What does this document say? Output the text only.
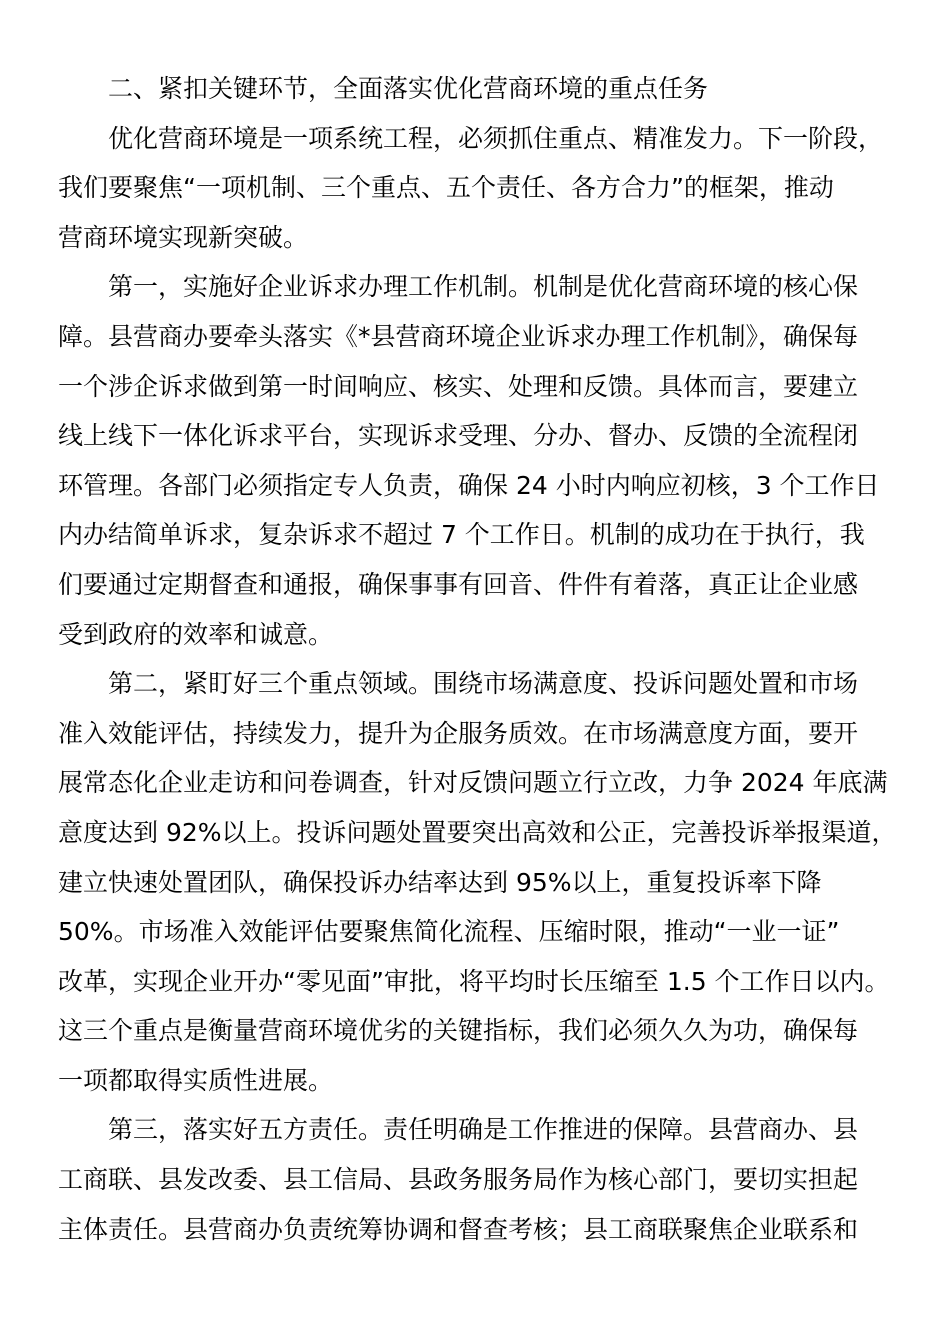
二、紧扣关键环节，全面落实优化营商环境的重点任务
优化营商环境是一项系统工程，必须抓住重点、精准发力。下一阶段，
我们要聚焦“一项机制、三个重点、五个责任、各方合力”的框架，推动
营商环境实现新突破。
第一，实施好企业诉求办理工作机制。机制是优化营商环境的核心保
障。县营商办要牵头落实《*县营商环境企业诉求办理工作机制》，确保每
一个涉企诉求做到第一时间响应、核实、处理和反馈。具体而言，要建立
线上线下一体化诉求平台，实现诉求受理、分办、督办、反馈的全流程闭
环管理。各部门必须指定专人负责，确保 24 小时内响应初核，3 个工作日
内办结简单诉求，复杂诉求不超过 7 个工作日。机制的成功在于执行，我
们要通过定期督查和通报，确保事事有回音、件件有着落，真正让企业感
受到政府的效率和诚意。
第二，紧盯好三个重点领域。围绕市场满意度、投诉问题处置和市场
准入效能评估，持续发力，提升为企服务质效。在市场满意度方面，要开
展常态化企业走访和问卷调查，针对反馈问题立行立改，力争 2024 年底满
意度达到 92%以上。投诉问题处置要突出高效和公正，完善投诉举报渠道，
建立快速处置团队，确保投诉办结率达到 95%以上，重复投诉率下降
50%。市场准入效能评估要聚焦简化流程、压缩时限，推动“一业一证”
改革，实现企业开办“零见面”审批，将平均时长压缩至 1.5 个工作日以内。
这三个重点是衡量营商环境优劣的关键指标，我们必须久久为功，确保每
一项都取得实质性进展。
第三，落实好五方责任。责任明确是工作推进的保障。县营商办、县
工商联、县发改委、县工信局、县政务服务局作为核心部门，要切实担起
主体责任。县营商办负责统筹协调和督查考核；县工商联聚焦企业联系和
